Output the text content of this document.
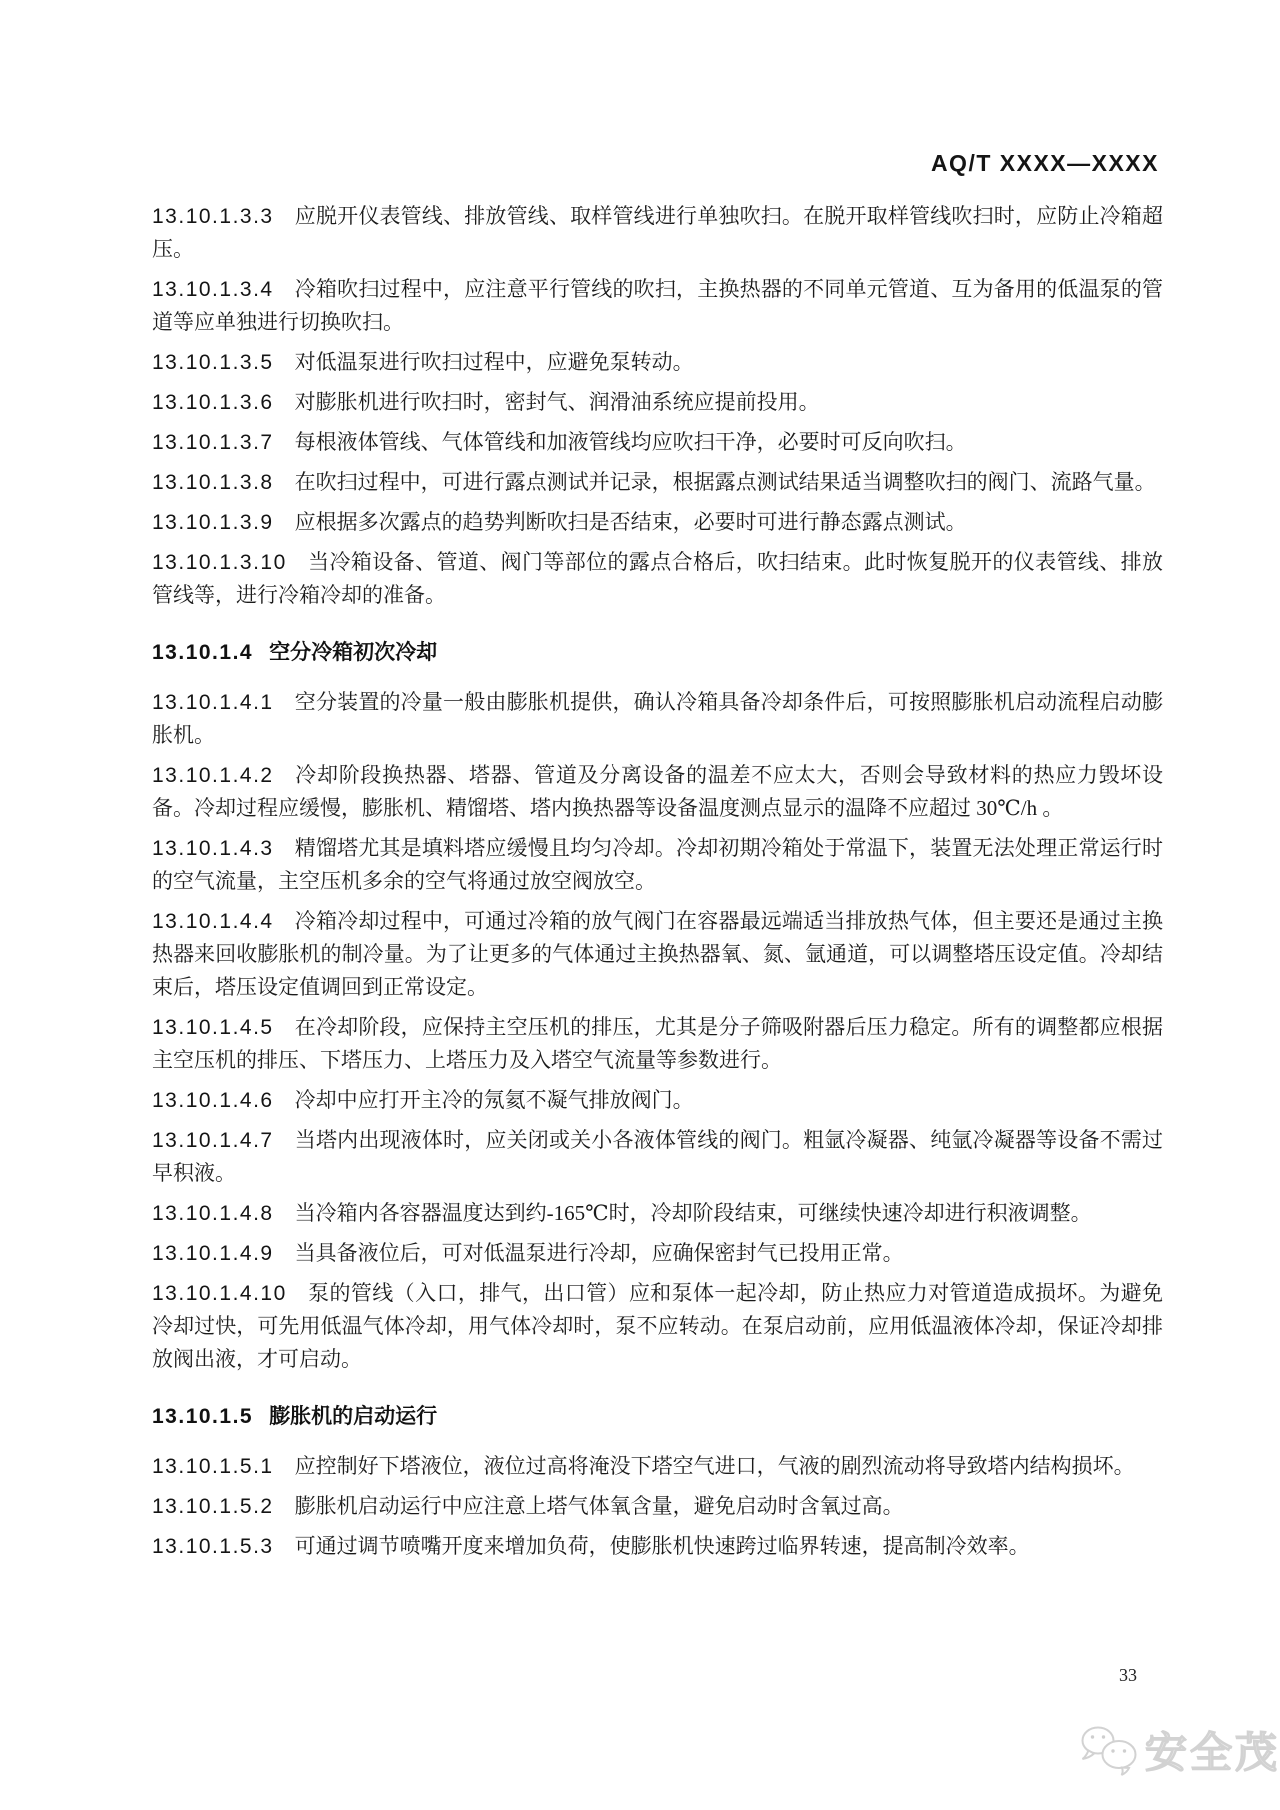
AQ/T XXXX—XXXX

13.10.1.3.3 应脱开仪表管线、排放管线、取样管线进行单独吹扫。在脱开取样管线吹扫时，应防止冷箱超压。

13.10.1.3.4 冷箱吹扫过程中，应注意平行管线的吹扫，主换热器的不同单元管道、互为备用的低温泵的管道等应单独进行切换吹扫。

13.10.1.3.5 对低温泵进行吹扫过程中，应避免泵转动。

13.10.1.3.6 对膨胀机进行吹扫时，密封气、润滑油系统应提前投用。

13.10.1.3.7 每根液体管线、气体管线和加液管线均应吹扫干净，必要时可反向吹扫。

13.10.1.3.8 在吹扫过程中，可进行露点测试并记录，根据露点测试结果适当调整吹扫的阀门、流路气量。

13.10.1.3.9 应根据多次露点的趋势判断吹扫是否结束，必要时可进行静态露点测试。

13.10.1.3.10 当冷箱设备、管道、阀门等部位的露点合格后，吹扫结束。此时恢复脱开的仪表管线、排放管线等，进行冷箱冷却的准备。

13.10.1.4 空分冷箱初次冷却

13.10.1.4.1 空分装置的冷量一般由膨胀机提供，确认冷箱具备冷却条件后，可按照膨胀机启动流程启动膨胀机。

13.10.1.4.2 冷却阶段换热器、塔器、管道及分离设备的温差不应太大，否则会导致材料的热应力毁坏设备。冷却过程应缓慢，膨胀机、精馏塔、塔内换热器等设备温度测点显示的温降不应超过 30℃/h 。

13.10.1.4.3 精馏塔尤其是填料塔应缓慢且均匀冷却。冷却初期冷箱处于常温下，装置无法处理正常运行时的空气流量，主空压机多余的空气将通过放空阀放空。

13.10.1.4.4 冷箱冷却过程中，可通过冷箱的放气阀门在容器最远端适当排放热气体，但主要还是通过主换热器来回收膨胀机的制冷量。为了让更多的气体通过主换热器氧、氮、氩通道，可以调整塔压设定值。冷却结束后，塔压设定值调回到正常设定。

13.10.1.4.5 在冷却阶段，应保持主空压机的排压，尤其是分子筛吸附器后压力稳定。所有的调整都应根据主空压机的排压、下塔压力、上塔压力及入塔空气流量等参数进行。

13.10.1.4.6 冷却中应打开主冷的氖氦不凝气排放阀门。

13.10.1.4.7 当塔内出现液体时，应关闭或关小各液体管线的阀门。粗氩冷凝器、纯氩冷凝器等设备不需过早积液。

13.10.1.4.8 当冷箱内各容器温度达到约-165℃时，冷却阶段结束，可继续快速冷却进行积液调整。

13.10.1.4.9 当具备液位后，可对低温泵进行冷却，应确保密封气已投用正常。

13.10.1.4.10 泵的管线（入口，排气，出口管）应和泵体一起冷却，防止热应力对管道造成损坏。为避免冷却过快，可先用低温气体冷却，用气体冷却时，泵不应转动。在泵启动前，应用低温液体冷却，保证冷却排放阀出液，才可启动。

13.10.1.5 膨胀机的启动运行

13.10.1.5.1 应控制好下塔液位，液位过高将淹没下塔空气进口，气液的剧烈流动将导致塔内结构损坏。

13.10.1.5.2 膨胀机启动运行中应注意上塔气体氧含量，避免启动时含氧过高。

13.10.1.5.3 可通过调节喷嘴开度来增加负荷，使膨胀机快速跨过临界转速，提高制冷效率。

33
安全茂
